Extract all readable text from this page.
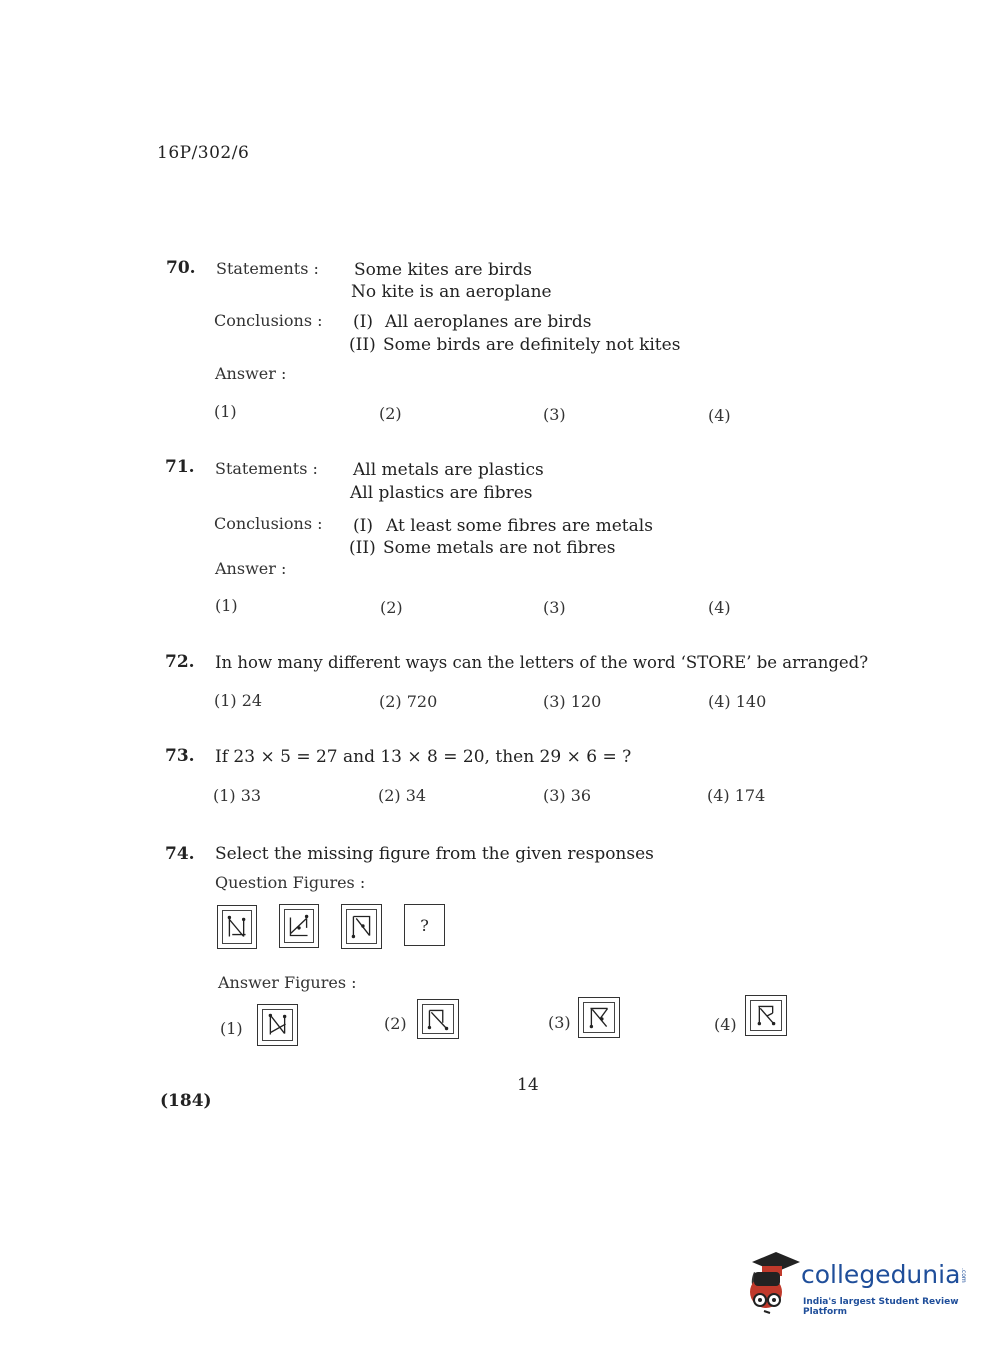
16P/302/6
70. Statements : Some kites are birds
No kite is an aeroplane
Conclusions : (I) All aeroplanes are birds
(II) Some birds are definitely not kites
Answer :
(1)	(2)	(3)	(4)
71. Statements : All metals are plastics
All plastics are fibres
Conclusions : (I) At least some fibres are metals
(II) Some metals are not fibres
Answer :
(1)	(2)	(3)	(4)
72. In how many different ways can the letters of the word ‘STORE’ be arranged?
(1) 24	(2) 720	(3) 120	(4) 140
73. If 23 × 5 = 27 and 13 × 8 = 20, then 29 × 6 = ?
(1) 33	(2) 34	(3) 36	(4) 174
74. Select the missing figure from the given responses
Question Figures :
?
Answer Figures :
(1)	(2)	(3)	(4)
14
(184)
collegedunia .com
India's largest Student Review Platform
